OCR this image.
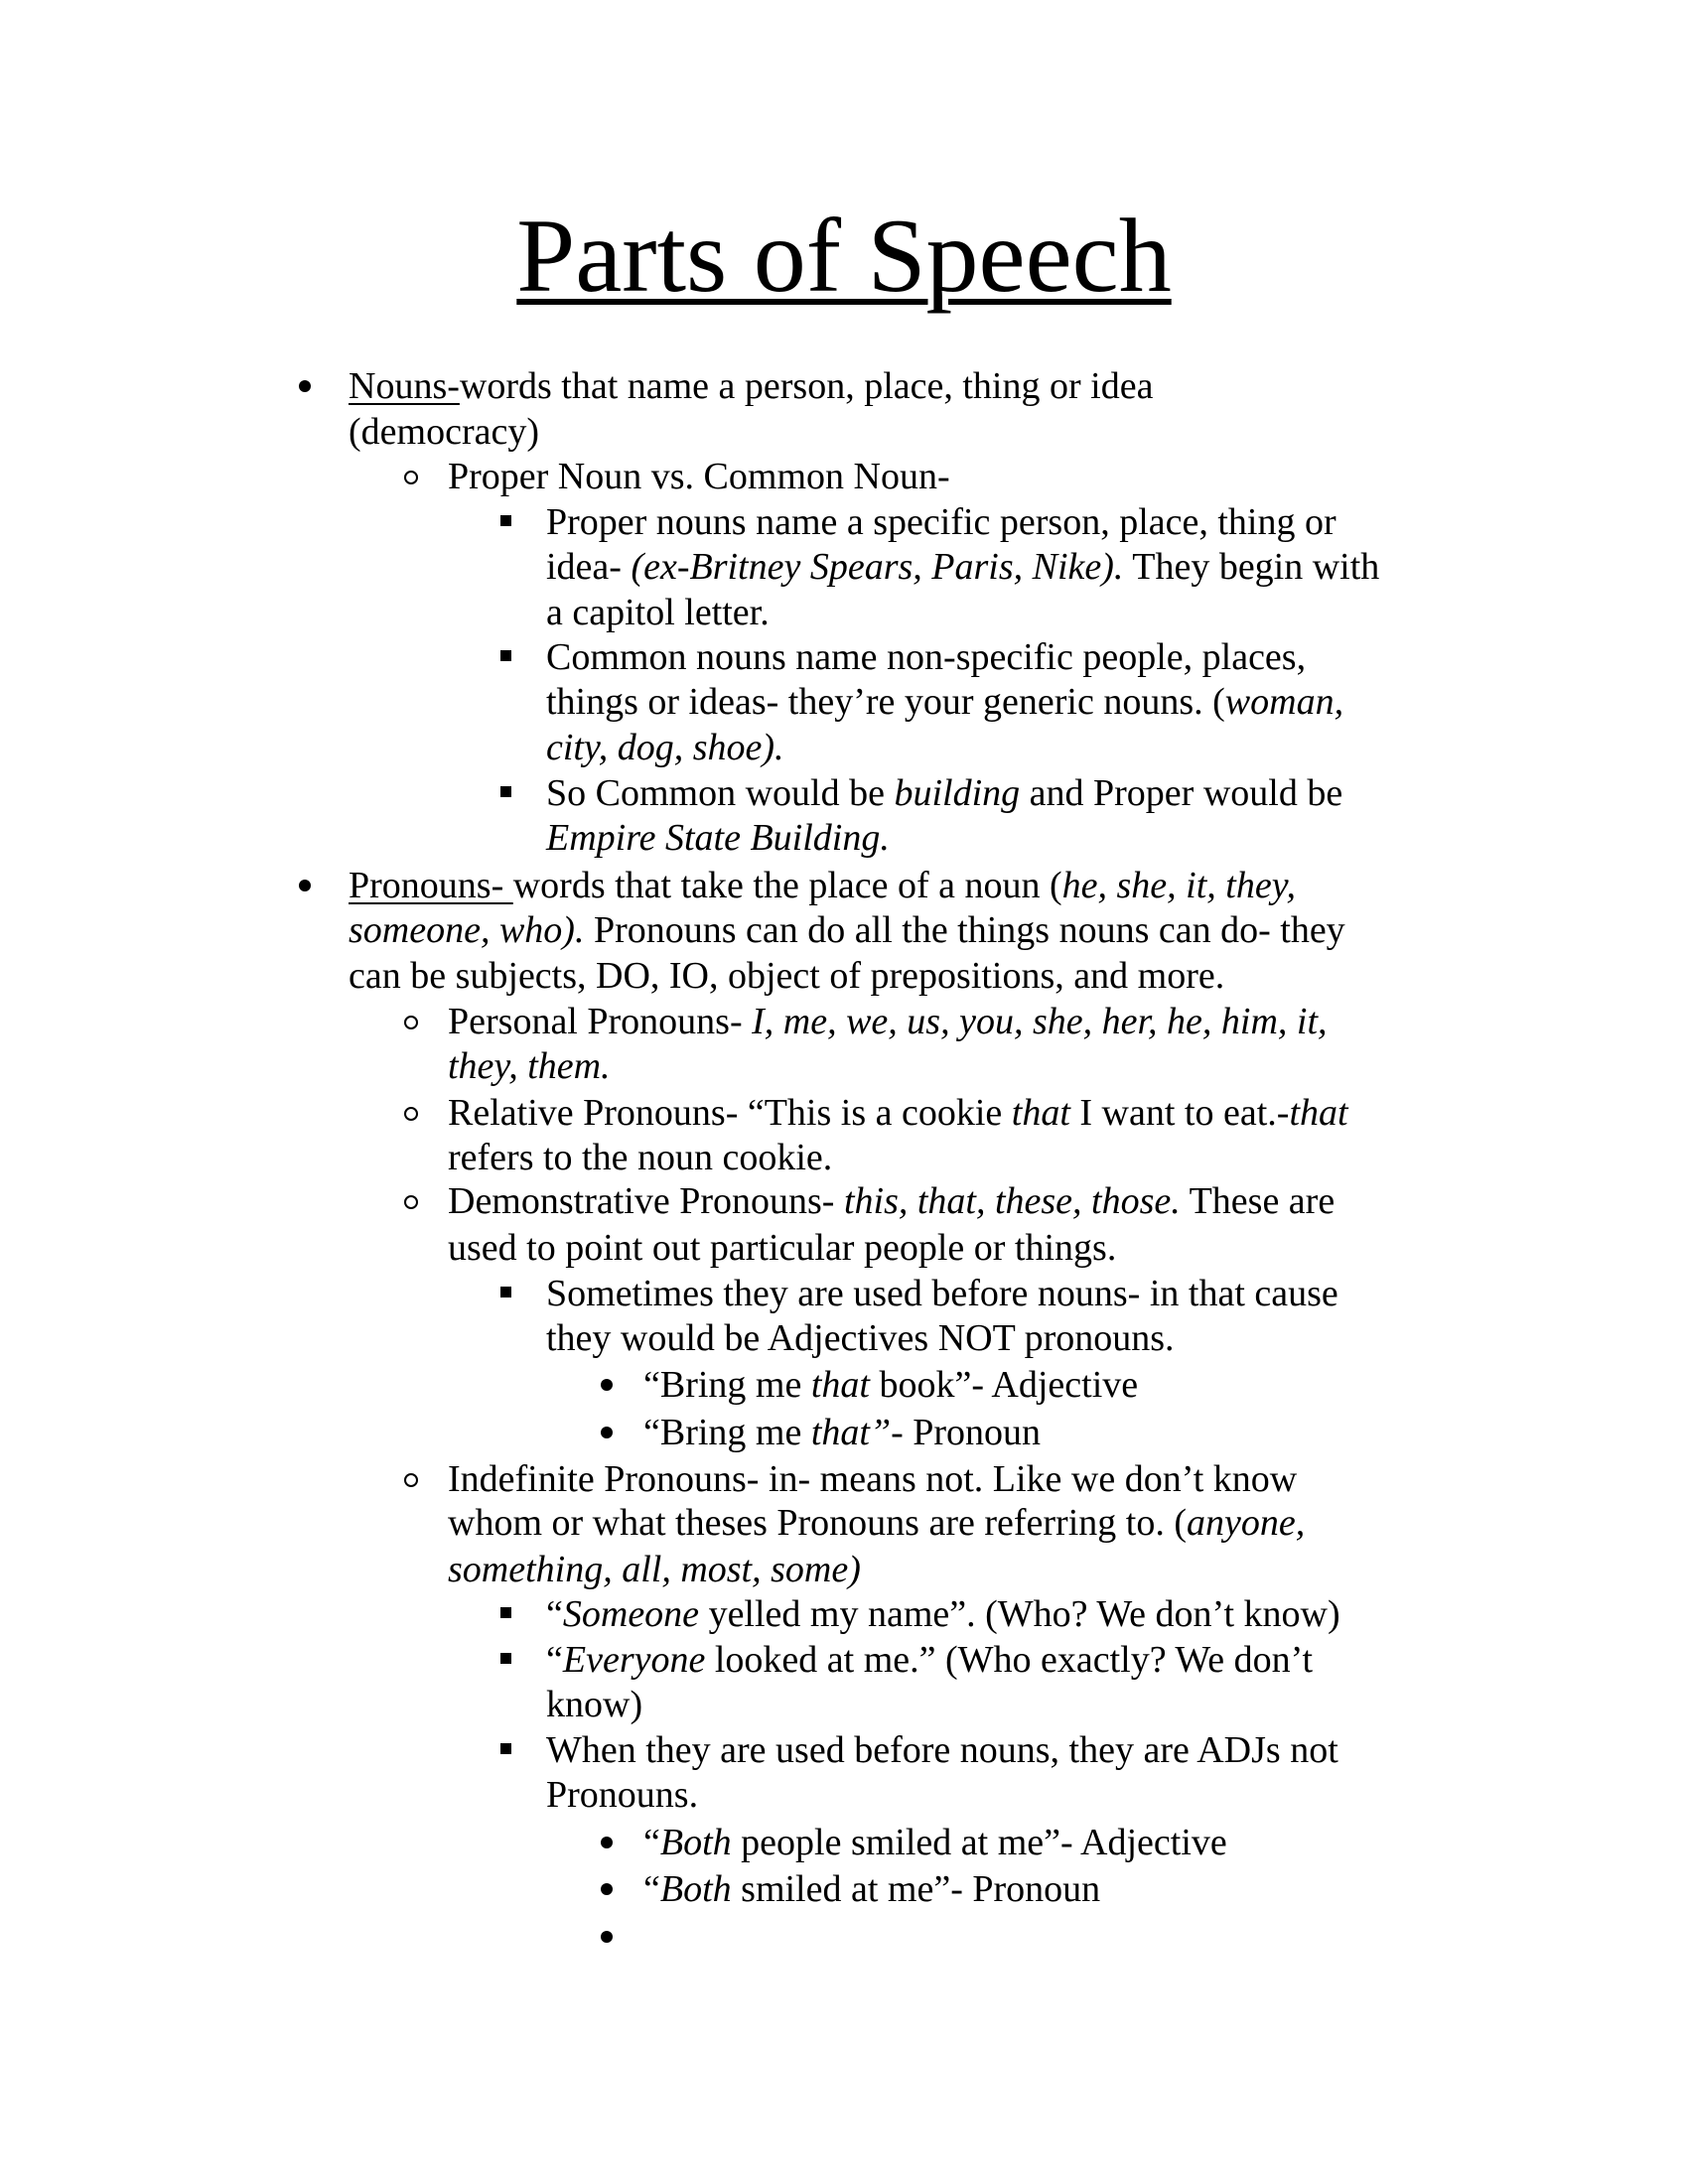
Parts of Speech
Nouns-words that name a person, place, thing or idea
(democracy)
Proper Noun vs. Common Noun-
Proper nouns name a specific person, place, thing or
idea- (ex-Britney Spears, Paris, Nike). They begin with
a capitol letter.
Common nouns name non-specific people, places,
things or ideas- they’re your generic nouns. (woman,
city, dog, shoe).
So Common would be building and Proper would be
Empire State Building.
Pronouns- words that take the place of a noun (he, she, it, they,
someone, who). Pronouns can do all the things nouns can do- they
can be subjects, DO, IO, object of prepositions, and more.
Personal Pronouns- I, me, we, us, you, she, her, he, him, it,
they, them.
Relative Pronouns- “This is a cookie that I want to eat.-that
refers to the noun cookie.
Demonstrative Pronouns- this, that, these, those. These are
used to point out particular people or things.
Sometimes they are used before nouns- in that cause
they would be Adjectives NOT pronouns.
“Bring me that book”- Adjective
“Bring me that”- Pronoun
Indefinite Pronouns- in- means not. Like we don’t know
whom or what theses Pronouns are referring to. (anyone,
something, all, most, some)
“Someone yelled my name”. (Who? We don’t know)
“Everyone looked at me.” (Who exactly? We don’t
know)
When they are used before nouns, they are ADJs not
Pronouns.
“Both people smiled at me”- Adjective
“Both smiled at me”- Pronoun
